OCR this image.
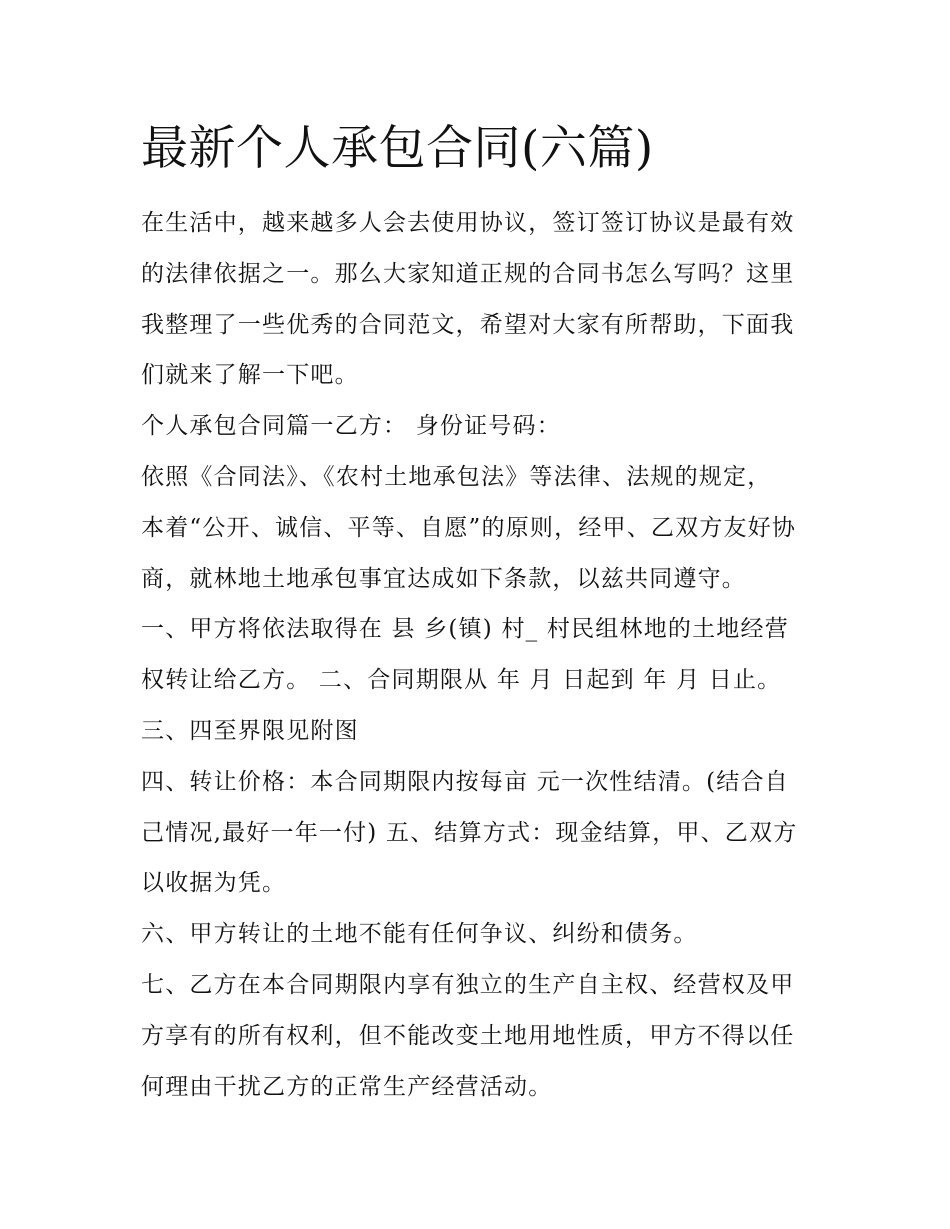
最新个人承包合同(六篇)

在生活中，越来越多人会去使用协议，签订签订协议是最有效

的法律依据之一。那么大家知道正规的合同书怎么写吗？这里

我整理了一些优秀的合同范文，希望对大家有所帮助，下面我

们就来了解一下吧。

个人承包合同篇一乙方： 身份证号码：

依照《合同法》、《农村土地承包法》等法律、法规的规定，

本着“公开、诚信、平等、自愿”的原则，经甲、乙双方友好协

商，就林地土地承包事宜达成如下条款，以兹共同遵守。

一、甲方将依法取得在 县 乡(镇) 村_ 村民组林地的土地经营

权转让给乙方。 二、合同期限从 年 月 日起到 年 月 日止。

三、四至界限见附图

四、转让价格：本合同期限内按每亩 元一次性结清。(结合自

己情况,最好一年一付) 五、结算方式：现金结算，甲、乙双方

以收据为凭。

六、甲方转让的土地不能有任何争议、纠纷和债务。

七、乙方在本合同期限内享有独立的生产自主权、经营权及甲

方享有的所有权利，但不能改变土地用地性质，甲方不得以任

何理由干扰乙方的正常生产经营活动。
